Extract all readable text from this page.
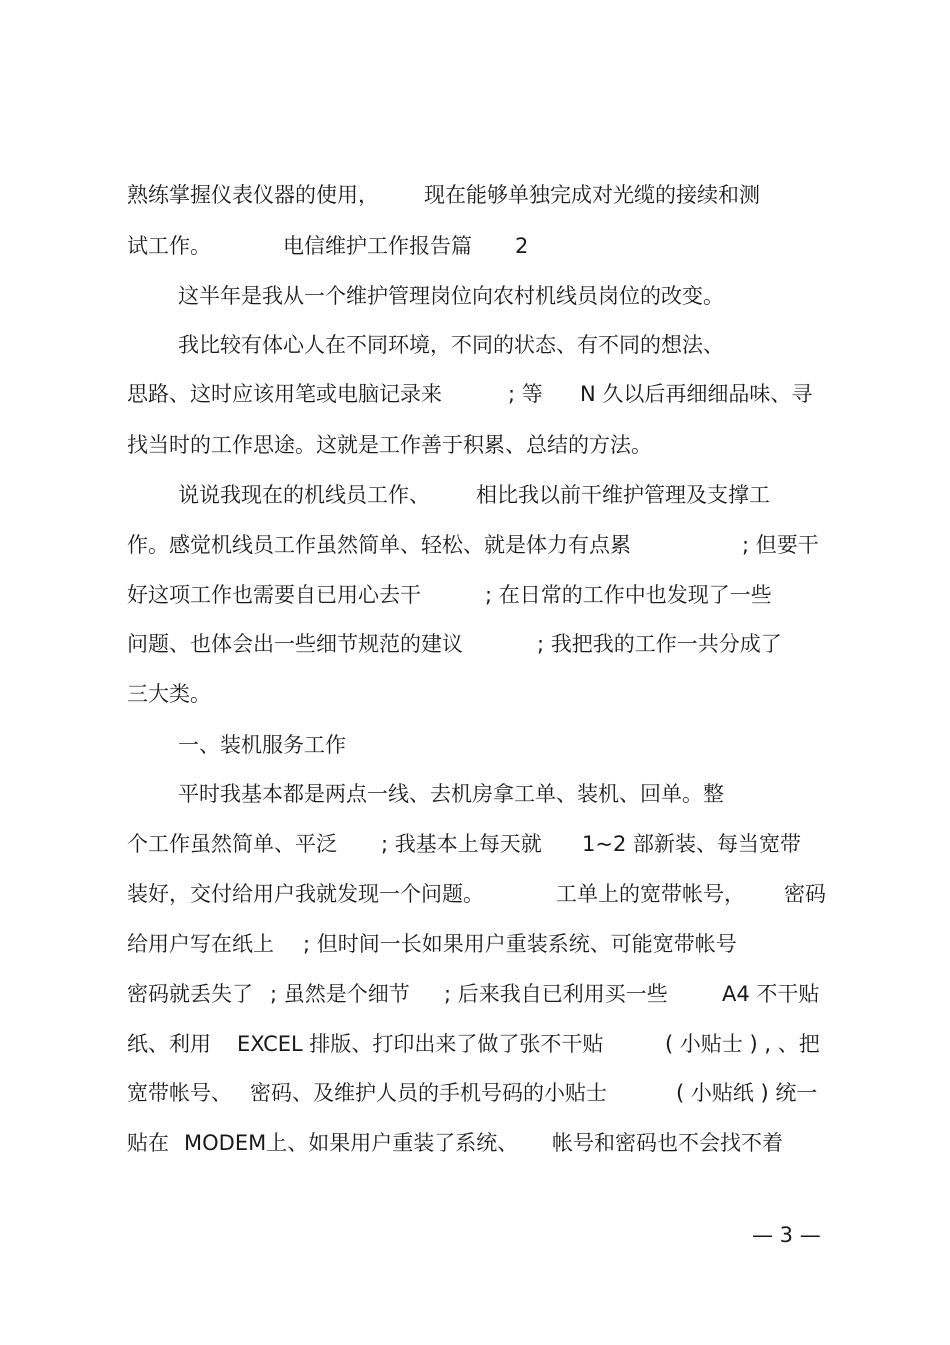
熟练掌握仪表仪器的使用，

现在能够单独完成对光缆的接续和测

试工作。

	电信维护工作报告篇

2

这半年是我从一个维护管理岗位向农村机线员岗位的改变。

我比较有体心人在不同环境，不同的状态、有不同的想法、

思路、这时应该用笔或电脑记录来

	; 等

N 久以后再细细品味、寻

找当时的工作思途。这就是工作善于积累、总结的方法。

说说我现在的机线员工作、

相比我以前干维护管理及支撑工

作。感觉机线员工作虽然简单、轻松、就是体力有点累

	; 但要干

好这项工作也需要自已用心去干

	; 在日常的工作中也发现了一些

问题、也体会出一些细节规范的建议

	; 我把我的工作一共分成了

三大类。

一、装机服务工作

平时我基本都是两点一线、去机房拿工单、装机、回单。整

个工作虽然简单、平泛

; 我基本上每天就

1~2 部新装、每当宽带

装好，交付给用户我就发现一个问题。

	工单上的宽带帐号，

密码

给用户写在纸上

; 但时间一长如果用户重装系统、可能宽带帐号

密码就丢失了

; 虽然是个细节

; 后来我自已利用买一些

	A4 不干贴

纸、利用

EXCEL 排版、打印出来了做了张不干贴

	( 小贴士 ) , 、把

宽带帐号、

密码、及维护人员的手机号码的小贴士

	( 小贴纸 ) 统一

贴在

MODEM上、如果用户重装了系统、

帐号和密码也不会找不着

— 3 —
